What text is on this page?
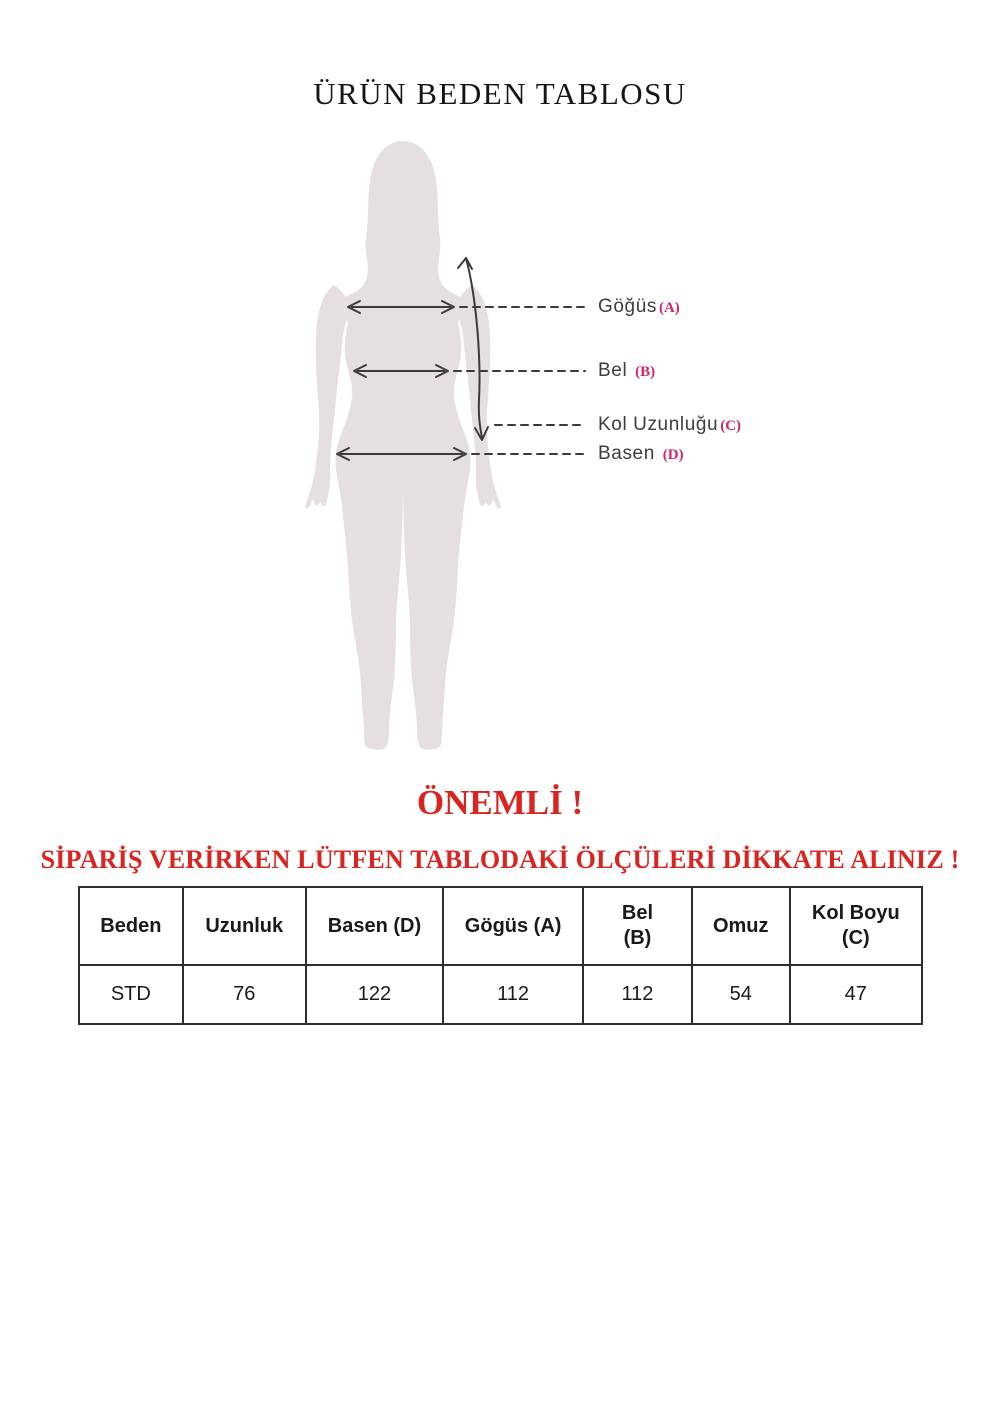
ÜRÜN BEDEN TABLOSU
Göğüs (A)
Bel (B)
Kol Uzunluğu (C)
Basen (D)
ÖNEMLİ !
SİPARİŞ VERİRKEN LÜTFEN TABLODAKİ ÖLÇÜLERİ DİKKATE ALINIZ !
Beden	Uzunluk	Basen (D)	Gögüs (A)	Bel (B)	Omuz	Kol Boyu (C)
STD	76	122	112	112	54	47
